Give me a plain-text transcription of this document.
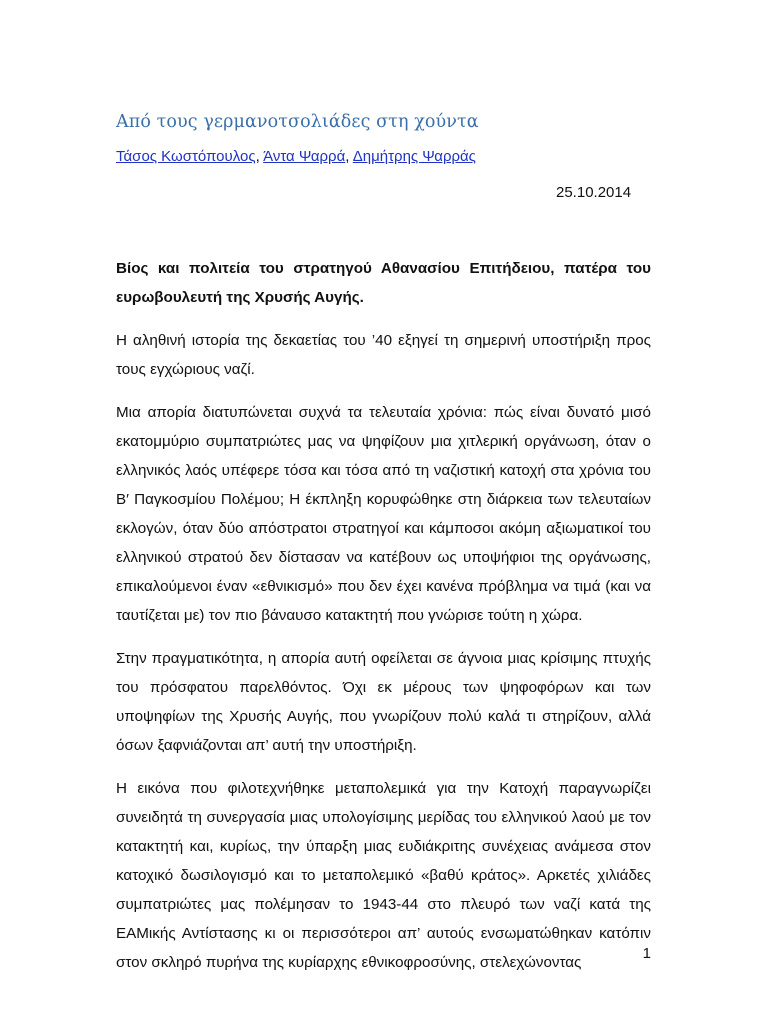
Από τους γερμανοτσολιάδες στη χούντα
Τάσος Κωστόπουλος, Άντα Ψαρρά, Δημήτρης Ψαρράς
25.10.2014

Βίος και πολιτεία του στρατηγού Αθανασίου Επιτήδειου, πατέρα του ευρωβουλευτή της Χρυσής Αυγής.

Η αληθινή ιστορία της δεκαετίας του ’40 εξηγεί τη σημερινή υποστήριξη προς τους εγχώριους ναζί.

Μια απορία διατυπώνεται συχνά τα τελευταία χρόνια: πώς είναι δυνατό μισό εκατομμύριο συμπατριώτες μας να ψηφίζουν μια χιτλερική οργάνωση, όταν ο ελληνικός λαός υπέφερε τόσα και τόσα από τη ναζιστική κατοχή στα χρόνια του Β′ Παγκοσμίου Πολέμου; Η έκπληξη κορυφώθηκε στη διάρκεια των τελευταίων εκλογών, όταν δύο απόστρατοι στρατηγοί και κάμποσοι ακόμη αξιωματικοί του ελληνικού στρατού δεν δίστασαν να κατέβουν ως υποψήφιοι της οργάνωσης, επικαλούμενοι έναν «εθνικισμό» που δεν έχει κανένα πρόβλημα να τιμά (και να ταυτίζεται με) τον πιο βάναυσο κατακτητή που γνώρισε τούτη η χώρα.

Στην πραγματικότητα, η απορία αυτή οφείλεται σε άγνοια μιας κρίσιμης πτυχής του πρόσφατου παρελθόντος. Όχι εκ μέρους των ψηφοφόρων και των υποψηφίων της Χρυσής Αυγής, που γνωρίζουν πολύ καλά τι στηρίζουν, αλλά όσων ξαφνιάζονται απ’ αυτή την υποστήριξη.

Η εικόνα που φιλοτεχνήθηκε μεταπολεμικά για την Κατοχή παραγνωρίζει συνειδητά τη συνεργασία μιας υπολογίσιμης μερίδας του ελληνικού λαού με τον κατακτητή και, κυρίως, την ύπαρξη μιας ευδιάκριτης συνέχειας ανάμεσα στον κατοχικό δωσιλογισμό και το μεταπολεμικό «βαθύ κράτος». Αρκετές χιλιάδες συμπατριώτες μας πολέμησαν το 1943-44 στο πλευρό των ναζί κατά της ΕΑΜικής Αντίστασης κι οι περισσότεροι απ’ αυτούς ενσωματώθηκαν κατόπιν στον σκληρό πυρήνα της κυρίαρχης εθνικοφροσύνης, στελεχώνοντας

1
